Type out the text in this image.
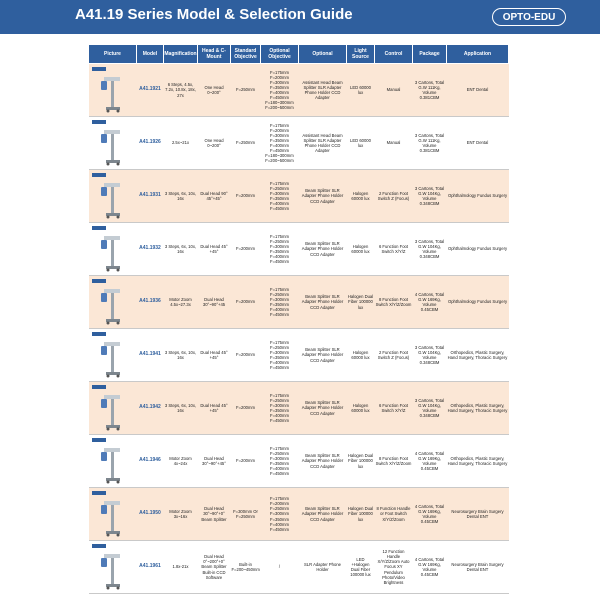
A41.19 Series Model & Selection Guide	OPTO-EDU
Picture	Model	Magnification	Head & C-Mount	Standard Objective	Optional Objective	Optional	Light Source	Control	Package	Application

	A41.1921	6 Steps, 4.5x, 7.2x, 10.8x, 18x, 27x	One Head 0~200°	F=250mm	F=175mm F=200mm F=300mm F=350mm F=400mm F=450mm F=180~300mm F=200~500mm	Assistant Head Beam Splitter SLR Adapter Phone Holder CCD Adapter	LED 60000 lux	Manual	3 Cartons, Total G.W 111Kg, Volume 0.381CBM	ENT Dental

	A41.1926	2.5x~21x	One Head 0~200°	F=250mm	F=175mm F=200mm F=300mm F=350mm F=400mm F=450mm F=180~300mm F=200~500mm	Assistant Head Beam Splitter SLR Adapter Phone Holder CCD Adapter	LED 60000 lux	Manual	3 Cartons, Total G.W 111Kg, Volume 0.381CBM	ENT Dental

	A41.1931	3 Steps, 6x, 10x, 16x	Dual Head 90° 45°+45°	F=200mm	F=175mm F=250mm F=300mm F=350mm F=400mm F=450mm	Beam Splitter SLR Adapter Phone Holder CCD Adapter	Halogen 60000 lux	2 Function Foot Switch Z (Focus)	3 Cartons, Total G.W 104Kg, Volume 0.348CBM	Ophthalmology Fundus Surgery

	A41.1932	3 Steps, 6x, 10x, 16x	Dual Head 45°+45°	F=200mm	F=175mm F=250mm F=300mm F=350mm F=400mm F=450mm	Beam Splitter SLR Adapter Phone Holder CCD Adapter	Halogen 60000 lux	6 Function Foot Switch X/Y/Z	3 Cartons, Total G.W 104Kg, Volume 0.348CBM	Ophthalmology Fundus Surgery

	A41.1936	Motor Zoom 4.5x~27.3x	Dual Head 30°~90°+45	F=200mm	F=175mm F=250mm F=300mm F=350mm F=400mm F=450mm	Beam Splitter SLR Adapter Phone Holder CCD Adapter	Halogen Dual Fiber 100000 lux	8 Function Foot Switch X/Y/Z/Zoom	4 Cartons, Total G.W 169Kg, Volume 0.45CBM	Ophthalmology Fundus Surgery

	A41.1941	3 Steps, 6x, 10x, 16x	Dual Head 45°+45°	F=200mm	F=175mm F=250mm F=300mm F=350mm F=400mm F=450mm	Beam Splitter SLR Adapter Phone Holder CCD Adapter	Halogen 60000 lux	2 Function Foot Switch Z (Focus)	3 Cartons, Total G.W 104Kg, Volume 0.348CBM	Orthopedics, Plastic Surgery, Hand Surgery, Thoracic Surgery

	A41.1942	3 Steps, 6x, 10x, 16x	Dual Head 45°+45°	F=200mm	F=175mm F=250mm F=300mm F=350mm F=400mm F=450mm	Beam Splitter SLR Adapter Phone Holder CCD Adapter	Halogen 60000 lux	6 Function Foot Switch X/Y/Z	3 Cartons, Total G.W 104Kg, Volume 0.348CBM	Orthopedics, Plastic Surgery, Hand Surgery, Thoracic Surgery

	A41.1946	Motor Zoom 4x~24x	Dual Head 30°~90°+45°	F=200mm	F=175mm F=250mm F=300mm F=350mm F=400mm F=450mm	Beam Splitter SLR Adapter Phone Holder CCD Adapter	Halogen Dual Fiber 100000 lux	8 Function Foot Switch X/Y/Z/Zoom	4 Cartons, Total G.W 169Kg, Volume 0.45CBM	Orthopedics, Plastic Surgery, Hand Surgery, Thoracic Surgery

	A41.1950	Motor Zoom 3x~16x	Dual Head 30°~90°+0° Beam Splitter	F=300mm Or F=250mm	F=175mm F=200mm F=250mm F=300mm F=350mm F=400mm F=450mm	Beam Splitter SLR Adapter Phone Holder CCD Adapter	Halogen Dual Fiber 100000 lux	8 Function Handle or Foot Switch X/Y/Z/Zoom	4 Cartons, Total G.W 169Kg, Volume 0.45CBM	Neurosurgery Brain Surgery Dental ENT

	A41.1961	1.8x-21x	Dual Head 0°~200°+0° Beam Splitter Built-in CCD Software	Built-in F=200~450mm	/	SLR Adapter Phone Holder	LED +Halogen Dual Fiber 100000 lux	12 Function Handle X/Y/Z/Zoom Auto Focus XY Pendulum Photo/Video Brightness	4 Cartons, Total G.W 169Kg, Volume 0.45CBM	Neurosurgery Brain Surgery Dental ENT
